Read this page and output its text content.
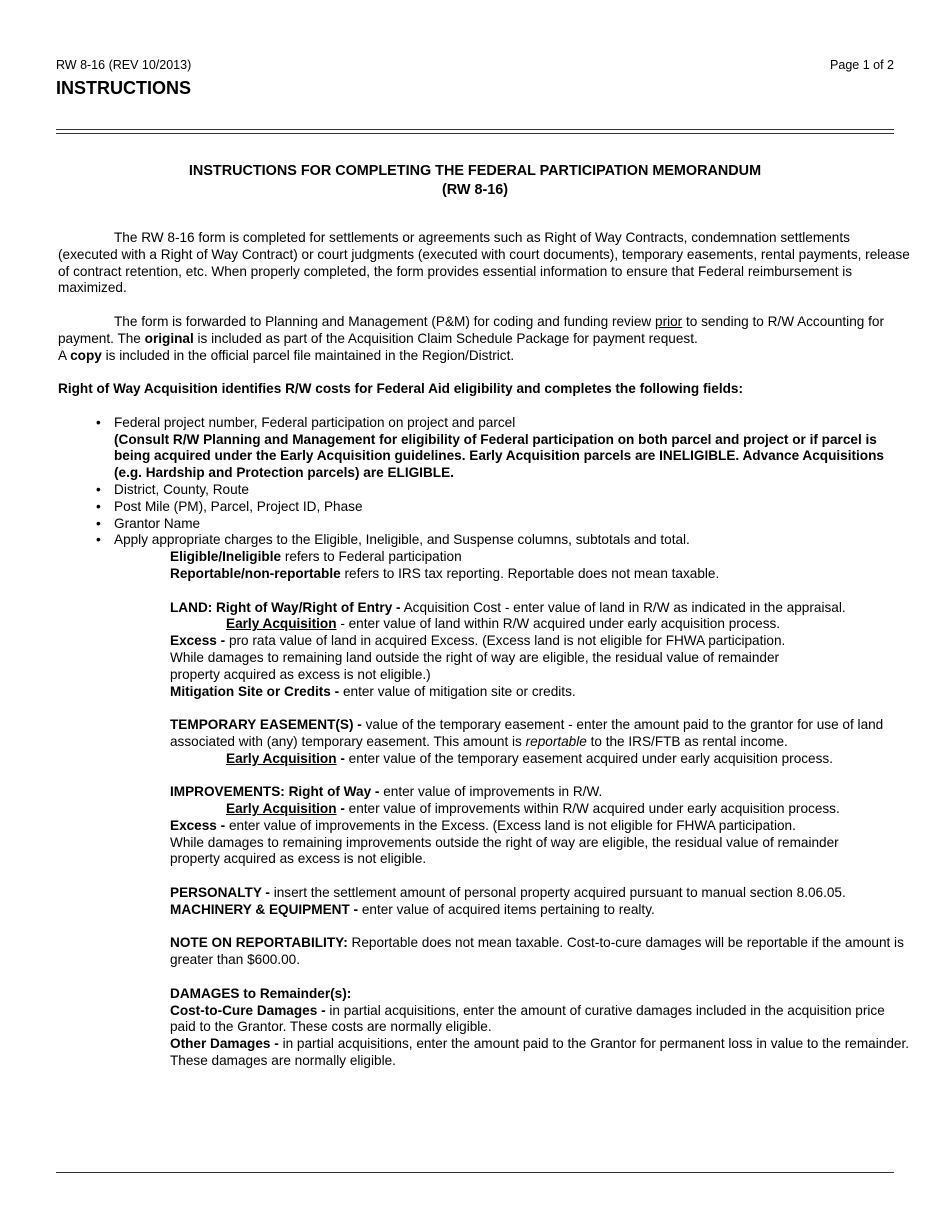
RW 8-16 (REV 10/2013)	Page 1 of 2
INSTRUCTIONS
INSTRUCTIONS FOR COMPLETING THE FEDERAL PARTICIPATION MEMORANDUM
(RW 8-16)

The RW 8-16 form is completed for settlements or agreements such as Right of Way Contracts, condemnation settlements (executed with a Right of Way Contract) or court judgments (executed with court documents), temporary easements, rental payments, release of contract retention, etc. When properly completed, the form provides essential information to ensure that Federal reimbursement is maximized.

The form is forwarded to Planning and Management (P&M) for coding and funding review prior to sending to R/W Accounting for payment. The original is included as part of the Acquisition Claim Schedule Package for payment request.
A copy is included in the official parcel file maintained in the Region/District.

Right of Way Acquisition identifies R/W costs for Federal Aid eligibility and completes the following fields:

• Federal project number, Federal participation on project and parcel
(Consult R/W Planning and Management for eligibility of Federal participation on both parcel and project or if parcel is being acquired under the Early Acquisition guidelines. Early Acquisition parcels are INELIGIBLE. Advance Acquisitions (e.g. Hardship and Protection parcels) are ELIGIBLE.
• District, County, Route
• Post Mile (PM), Parcel, Project ID, Phase
• Grantor Name
• Apply appropriate charges to the Eligible, Ineligible, and Suspense columns, subtotals and total.

Eligible/Ineligible refers to Federal participation

Reportable/non-reportable refers to IRS tax reporting. Reportable does not mean taxable.

LAND: Right of Way/Right of Entry - Acquisition Cost - enter value of land in R/W as indicated in the appraisal.

Early Acquisition - enter value of land within R/W acquired under early acquisition process.

Excess - pro rata value of land in acquired Excess. (Excess land is not eligible for FHWA participation.

While damages to remaining land outside the right of way are eligible, the residual value of remainder

property acquired as excess is not eligible.)

Mitigation Site or Credits - enter value of mitigation site or credits.

TEMPORARY EASEMENT(S) - value of the temporary easement - enter the amount paid to the grantor for use of land

associated with (any) temporary easement. This amount is reportable to the IRS/FTB as rental income.

Early Acquisition - enter value of the temporary easement acquired under early acquisition process.

IMPROVEMENTS: Right of Way - enter value of improvements in R/W.

Early Acquisition - enter value of improvements within R/W acquired under early acquisition process.

Excess - enter value of improvements in the Excess. (Excess land is not eligible for FHWA participation.

While damages to remaining improvements outside the right of way are eligible, the residual value of remainder

property acquired as excess is not eligible.

PERSONALTY - insert the settlement amount of personal property acquired pursuant to manual section 8.06.05.

MACHINERY & EQUIPMENT - enter value of acquired items pertaining to realty.

NOTE ON REPORTABILITY: Reportable does not mean taxable. Cost-to-cure damages will be reportable if the amount is greater than $600.00.

DAMAGES to Remainder(s):

Cost-to-Cure Damages - in partial acquisitions, enter the amount of curative damages included in the acquisition price paid to the Grantor. These costs are normally eligible.

Other Damages - in partial acquisitions, enter the amount paid to the Grantor for permanent loss in value to the remainder. These damages are normally eligible.
